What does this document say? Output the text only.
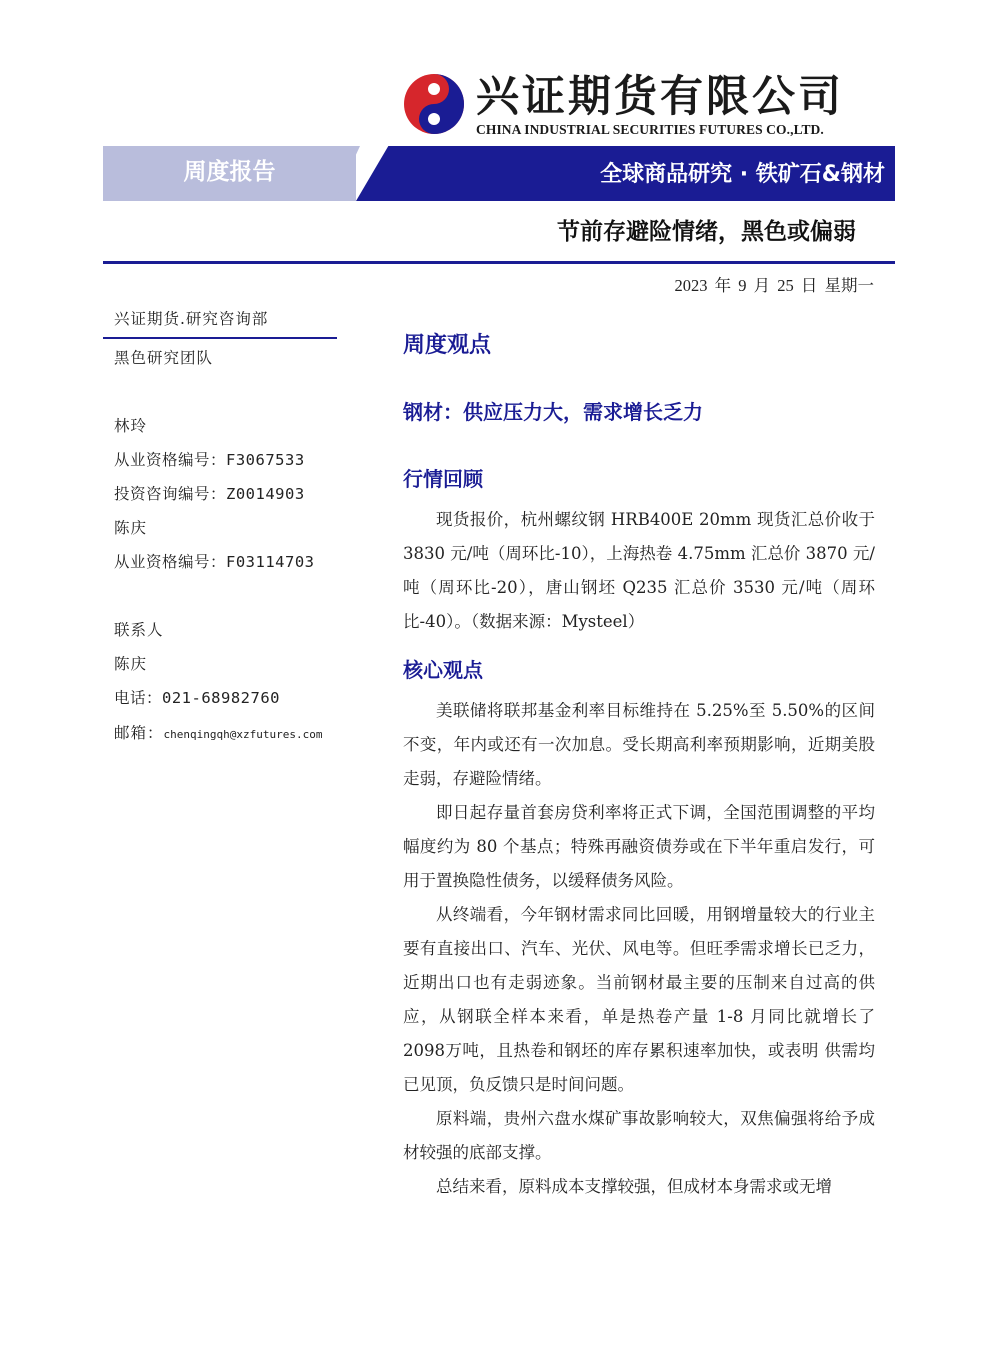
兴证期货有限公司
CHINA INDUSTRIAL SECURITIES FUTURES CO.,LTD.
周度报告	全球商品研究 · 铁矿石&钢材
节前存避险情绪，黑色或偏弱
2023 年 9 月 25 日 星期一
兴证期货.研究咨询部
黑色研究团队
林玲
从业资格编号：F3067533
投资咨询编号：Z0014903
陈庆
从业资格编号：F03114703
联系人
陈庆
电话：021-68982760
邮箱：chenqingqh@xzfutures.com
周度观点
钢材：供应压力大，需求增长乏力
行情回顾

现货报价，杭州螺纹钢 HRB400E 20mm 现货汇总价收于 3830 元/吨（周环比-10），上海热卷 4.75mm 汇总价 3870 元/吨（周环比-20），唐山钢坯 Q235 汇总价 3530 元/吨（周环比-40）。（数据来源：Mysteel）

核心观点

美联储将联邦基金利率目标维持在 5.25%至 5.50%的区间不变，年内或还有一次加息。受长期高利率预期影响，近期美股走弱，存避险情绪。

即日起存量首套房贷利率将正式下调，全国范围调整的平均幅度约为 80 个基点；特殊再融资债券或在下半年重启发行，可用于置换隐性债务，以缓释债务风险。

从终端看，今年钢材需求同比回暖，用钢增量较大的行业主要有直接出口、汽车、光伏、风电等。但旺季需求增长已乏力，近期出口也有走弱迹象。当前钢材最主要的压制来自过高的供应，从钢联全样本来看，单是热卷产量 1-8 月同比就增长了2098万吨，且热卷和钢坯的库存累积速率加快，或表明 供需均已见顶，负反馈只是时间问题。

原料端，贵州六盘水煤矿事故影响较大，双焦偏强将给予成材较强的底部支撑。

总结来看，原料成本支撑较强，但成材本身需求或无增
